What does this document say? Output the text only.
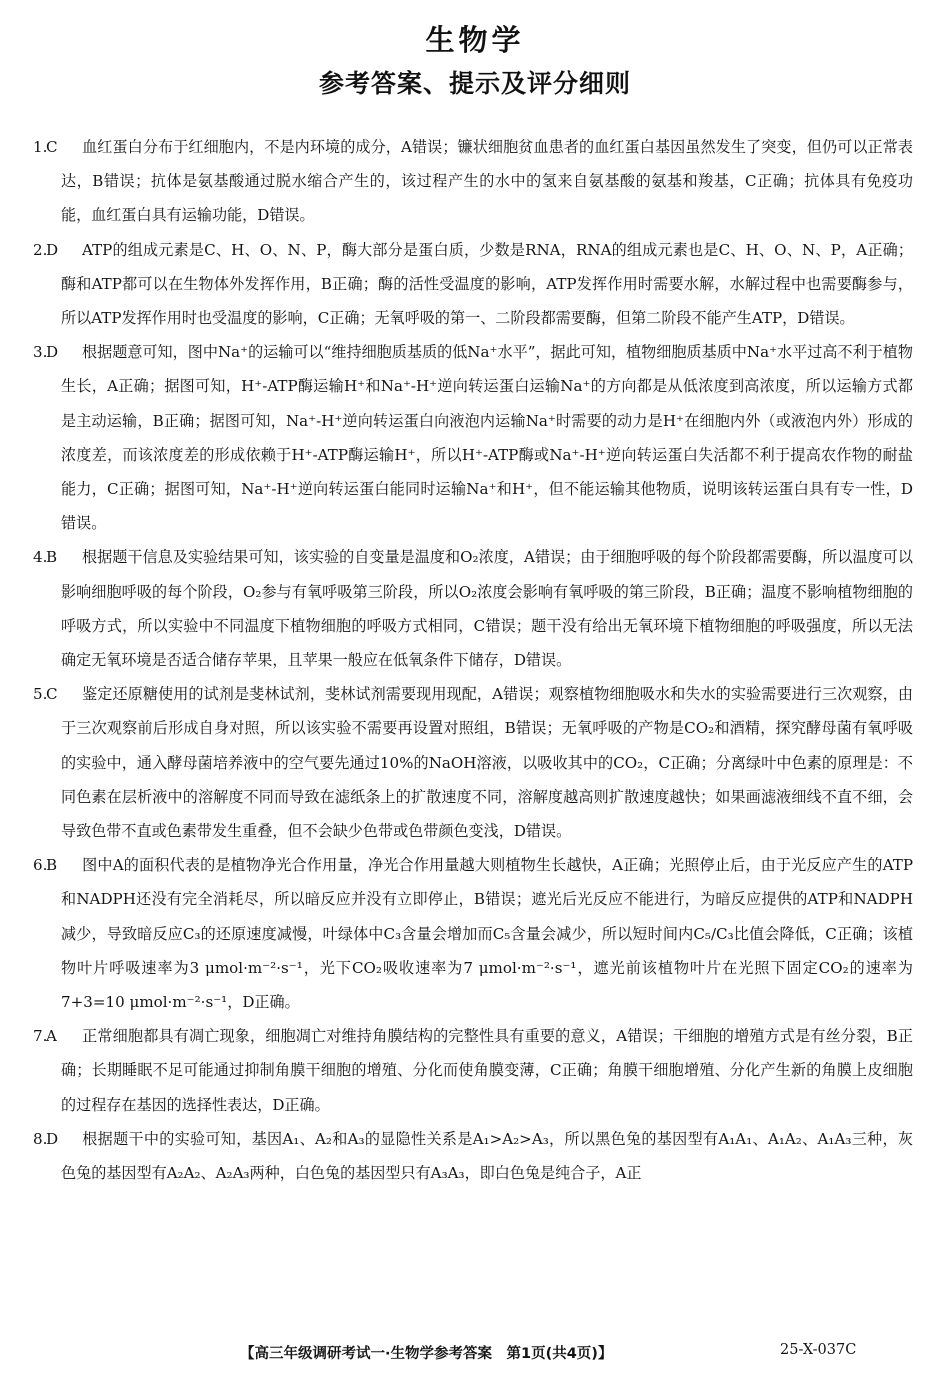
生物学
参考答案、提示及评分细则

1.C 血红蛋白分布于红细胞内，不是内环境的成分，A错误；镰状细胞贫血患者的血红蛋白基因虽然发生了突变，但仍可以正常表达，B错误；抗体是氨基酸通过脱水缩合产生的，该过程产生的水中的氢来自氨基酸的氨基和羧基，C正确；抗体具有免疫功能，血红蛋白具有运输功能，D错误。

2.D ATP的组成元素是C、H、O、N、P，酶大部分是蛋白质，少数是RNA，RNA的组成元素也是C、H、O、N、P，A正确；酶和ATP都可以在生物体外发挥作用，B正确；酶的活性受温度的影响，ATP发挥作用时需要水解，水解过程中也需要酶参与，所以ATP发挥作用时也受温度的影响，C正确；无氧呼吸的第一、二阶段都需要酶，但第二阶段不能产生ATP，D错误。

3.D 根据题意可知，图中Na⁺的运输可以“维持细胞质基质的低Na⁺水平”，据此可知，植物细胞质基质中Na⁺水平过高不利于植物生长，A正确；据图可知，H⁺-ATP酶运输H⁺和Na⁺-H⁺逆向转运蛋白运输Na⁺的方向都是从低浓度到高浓度，所以运输方式都是主动运输，B正确；据图可知，Na⁺-H⁺逆向转运蛋白向液泡内运输Na⁺时需要的动力是H⁺在细胞内外（或液泡内外）形成的浓度差，而该浓度差的形成依赖于H⁺-ATP酶运输H⁺，所以H⁺-ATP酶或Na⁺-H⁺逆向转运蛋白失活都不利于提高农作物的耐盐能力，C正确；据图可知，Na⁺-H⁺逆向转运蛋白能同时运输Na⁺和H⁺，但不能运输其他物质，说明该转运蛋白具有专一性，D错误。

4.B 根据题干信息及实验结果可知，该实验的自变量是温度和O₂浓度，A错误；由于细胞呼吸的每个阶段都需要酶，所以温度可以影响细胞呼吸的每个阶段，O₂参与有氧呼吸第三阶段，所以O₂浓度会影响有氧呼吸的第三阶段，B正确；温度不影响植物细胞的呼吸方式，所以实验中不同温度下植物细胞的呼吸方式相同，C错误；题干没有给出无氧环境下植物细胞的呼吸强度，所以无法确定无氧环境是否适合储存苹果，且苹果一般应在低氧条件下储存，D错误。

5.C 鉴定还原糖使用的试剂是斐林试剂，斐林试剂需要现用现配，A错误；观察植物细胞吸水和失水的实验需要进行三次观察，由于三次观察前后形成自身对照，所以该实验不需要再设置对照组，B错误；无氧呼吸的产物是CO₂和酒精，探究酵母菌有氧呼吸的实验中，通入酵母菌培养液中的空气要先通过10%的NaOH溶液，以吸收其中的CO₂，C正确；分离绿叶中色素的原理是：不同色素在层析液中的溶解度不同而导致在滤纸条上的扩散速度不同，溶解度越高则扩散速度越快；如果画滤液细线不直不细，会导致色带不直或色素带发生重叠，但不会缺少色带或色带颜色变浅，D错误。

6.B 图中A的面积代表的是植物净光合作用量，净光合作用量越大则植物生长越快，A正确；光照停止后，由于光反应产生的ATP和NADPH还没有完全消耗尽，所以暗反应并没有立即停止，B错误；遮光后光反应不能进行，为暗反应提供的ATP和NADPH减少，导致暗反应C₃的还原速度减慢，叶绿体中C₃含量会增加而C₅含量会减少，所以短时间内C₅/C₃比值会降低，C正确；该植物叶片呼吸速率为3 μmol·m⁻²·s⁻¹，光下CO₂吸收速率为7 μmol·m⁻²·s⁻¹，遮光前该植物叶片在光照下固定CO₂的速率为7+3=10 μmol·m⁻²·s⁻¹，D正确。

7.A 正常细胞都具有凋亡现象，细胞凋亡对维持角膜结构的完整性具有重要的意义，A错误；干细胞的增殖方式是有丝分裂，B正确；长期睡眠不足可能通过抑制角膜干细胞的增殖、分化而使角膜变薄，C正确；角膜干细胞增殖、分化产生新的角膜上皮细胞的过程存在基因的选择性表达，D正确。

8.D 根据题干中的实验可知，基因A₁、A₂和A₃的显隐性关系是A₁>A₂>A₃，所以黑色兔的基因型有A₁A₁、A₁A₂、A₁A₃三种，灰色兔的基因型有A₂A₂、A₂A₃两种，白色兔的基因型只有A₃A₃，即白色兔是纯合子，A正

【高三年级调研考试一·生物学参考答案　第1页(共4页)】	25-X-037C
